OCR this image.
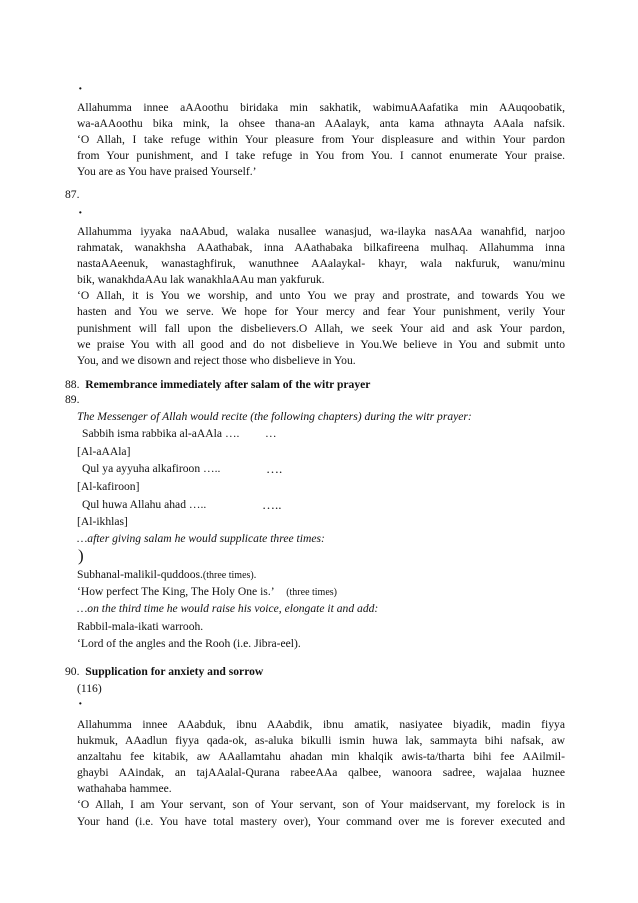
·
Allahumma innee aAAoothu biridaka min sakhatik, wabimuAAafatika min AAuqoobatik,
wa-aAAoothu bika mink, la ohsee thana-an AAalayk, anta kama athnayta AAala nafsik.
‘O Allah, I take refuge within Your pleasure from Your displeasure and within Your pardon
from Your punishment, and I take refuge in You from You. I cannot enumerate Your praise.
You are as You have praised Yourself.’
87.
·
Allahumma iyyaka naAAbud, walaka nusallee wanasjud, wa-ilayka nasAAa wanahfid, narjoo
rahmatak, wanakhsha AAathabak, inna AAathabaka bilkafireena mulhaq. Allahumma inna
nastaAAeenuk, wanastaghfiruk, wanuthnee AAalaykal- khayr, wala nakfuruk, wanu/minu
bik, wanakhdaAAu lak wanakhlaAAu man yakfuruk.
‘O Allah, it is You we worship, and unto You we pray and prostrate, and towards You we
hasten and You we serve. We hope for Your mercy and fear Your punishment, verily Your
punishment will fall upon the disbelievers.O Allah, we seek Your aid and ask Your pardon,
we praise You with all good and do not disbelieve in You.We believe in You and submit unto
You, and we disown and reject those who disbelieve in You.
88. Remembrance immediately after salam of the witr prayer
89.
The Messenger of Allah would recite (the following chapters) during the witr prayer:
Sabbih isma rabbika al-aAAla …. …
[Al-aAAla]
Qul ya ayyuha alkafiroon …..	….
[Al-kafiroon]
Qul huwa Allahu ahad …..	…..
[Al-ikhlas]
…after giving salam he would supplicate three times:
)
Subhanal-malikil-quddoos.(three times).
‘How perfect The King, The Holy One is.’ (three times)
…on the third time he would raise his voice, elongate it and add:
Rabbil-mala-ikati warrooh.
‘Lord of the angles and the Rooh (i.e. Jibra-eel).
90. Supplication for anxiety and sorrow
(116)
·
Allahumma innee AAabduk, ibnu AAabdik, ibnu amatik, nasiyatee biyadik, madin fiyya
hukmuk, AAadlun fiyya qada-ok, as-aluka bikulli ismin huwa lak, sammayta bihi nafsak, aw
anzaltahu fee kitabik, aw AAallamtahu ahadan min khalqik awis-ta/tharta bihi fee AAilmil-
ghaybi AAindak, an tajAAalal-Qurana rabeeAAa qalbee, wanoora sadree, wajalaa huznee
wathahaba hammee.
‘O Allah, I am Your servant, son of Your servant, son of Your maidservant, my forelock is in
Your hand (i.e. You have total mastery over), Your command over me is forever executed and
